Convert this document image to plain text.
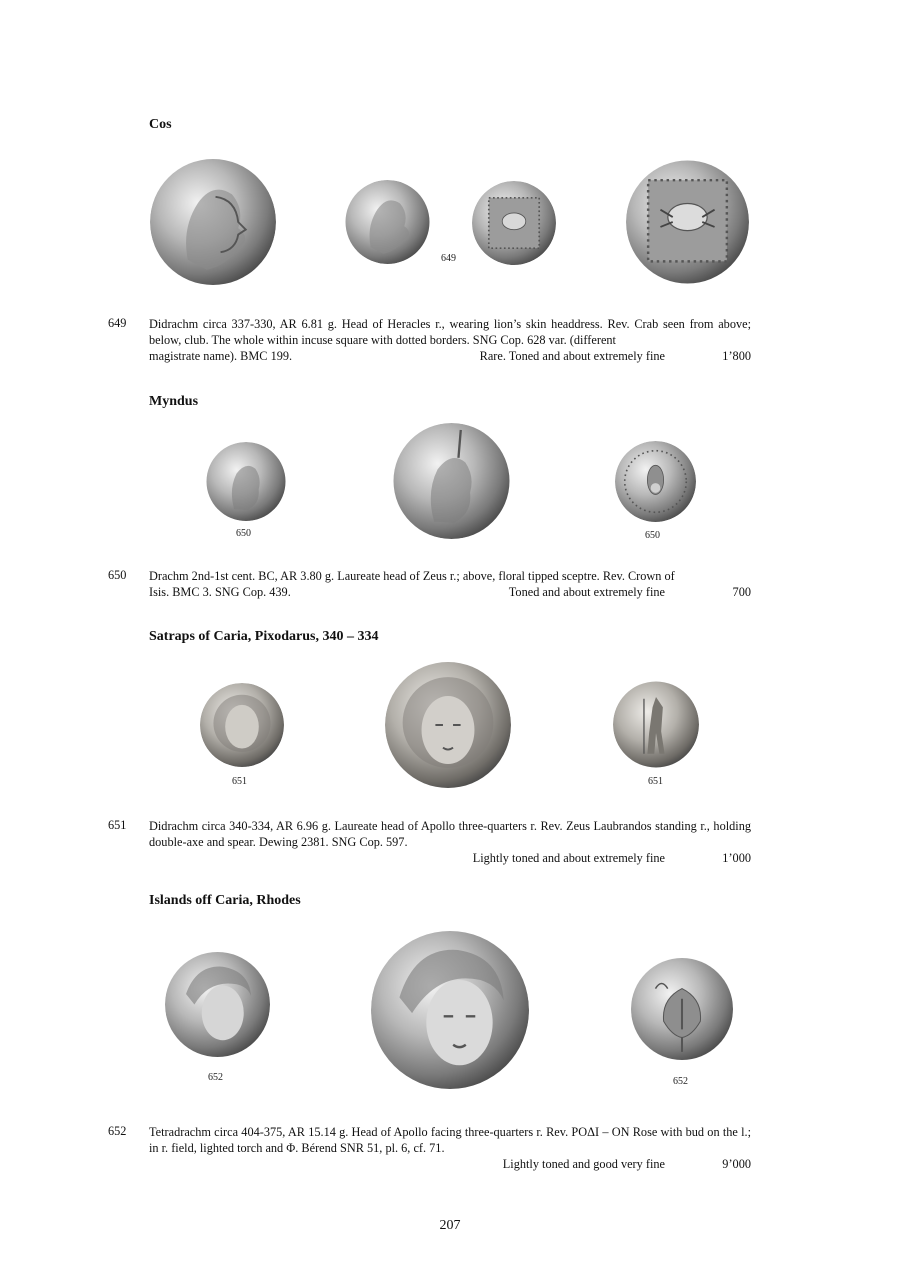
Cos
649
649 Didrachm circa 337-330, AR 6.81 g. Head of Heracles r., wearing lion’s skin headdress. Rev. Crab seen from above; below, club. The whole within incuse square with dotted borders. SNG Cop. 628 var. (different

magistrate name). BMC 199.	Rare. Toned and about extremely fine	1’800
Myndus
650	650
650 Drachm 2nd-1st cent. BC, AR 3.80 g. Laureate head of Zeus r.; above, floral tipped sceptre. Rev. Crown of

Isis. BMC 3. SNG Cop. 439.	Toned and about extremely fine	700
Satraps of Caria, Pixodarus, 340 – 334
651	651
651 Didrachm circa 340-334, AR 6.96 g. Laureate head of Apollo three-quarters r. Rev. Zeus Laubrandos standing r., holding double-axe and spear. Dewing 2381. SNG Cop. 597.

Lightly toned and about extremely fine	1’000
Islands off Caria, Rhodes
652	652
652 Tetradrachm circa 404-375, AR 15.14 g. Head of Apollo facing three-quarters r. Rev. POΔI – ON Rose with bud on the l.; in r. field, lighted torch and Φ. Bérend SNR 51, pl. 6, cf. 71.

Lightly toned and good very fine	9’000
207
